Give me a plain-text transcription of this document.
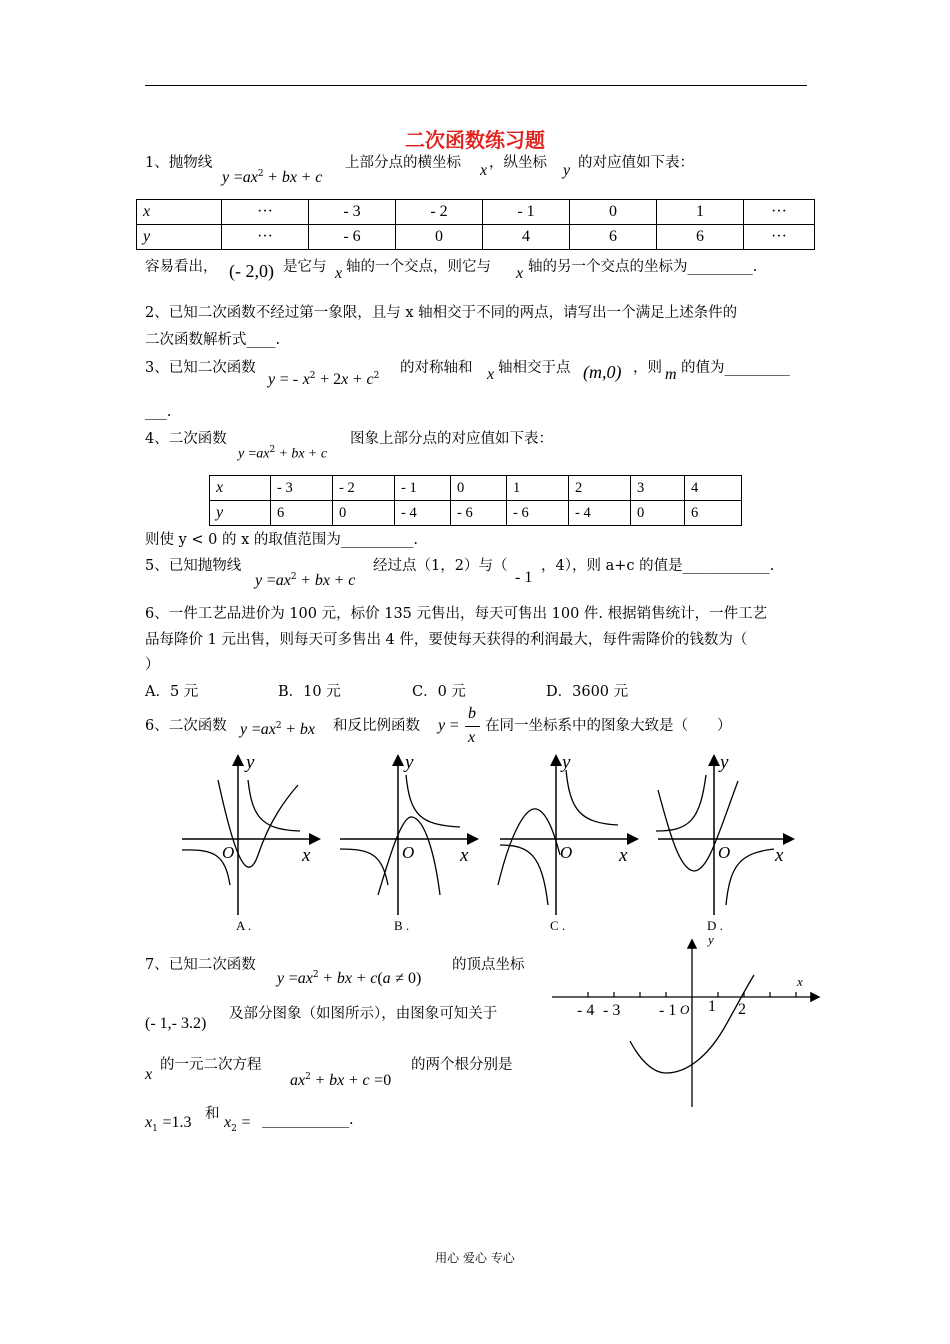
二次函数练习题
1、抛物线
$y =ax^2$ + bx + c
上部分点的横坐标 x ，纵坐标 y 的对应值如下表：
x	···	- 3	- 2	- 1	0	1	···
y	···	- 6	0	4	6	6	···
容易看出， (- 2,0) 是它与 x 轴的一个交点，则它与 x 轴的另一个交点的坐标为_________.
2、已知二次函数不经过第一象限，且与 x 轴相交于不同的两点，请写出一个满足上述条件的
二次函数解析式____.
3、已知二次函数
y = - $x^2 + 2x + c^2$ 的对称轴和 x 轴相交于点 (m,0) ，则 m 的值为_________
___.
4、二次函数
$y =ax^2$ + bx + c
图象上部分点的对应值如下表：
x	- 3	- 2	- 1	0	1	2	3	4
y	6	0	- 4	- 6	- 6	- 4	0	6
则使 y < 0 的 x 的取值范围为__________.
5、已知抛物线
$y =ax^2$ + bx + c
经过点（1，2）与（
- 1
，4），则 a+c 的值是____________.
6、一件工艺品进价为 100 元，标价 135 元售出，每天可售出 100 件. 根据销售统计，一件工艺
品每降价 1 元出售，则每天可多售出 4 件，要使每天获得的利润最大，每件需降价的钱数为（
）
A．5 元	B．10 元	C．0 元	D．3600 元
6、二次函数 $y =ax^2$ + bx 和反比例函数 y =
b
x
在同一坐标系中的图象大致是（　　）
y
O	x
y
O x
y
O x
y
O x
A .	B .	C .	D .
7、已知二次函数
$y =ax^2$ + bx + c(a ≠ 0)
的顶点坐标
(- 1,- 3.2)
及部分图象（如图所示），由图象可知关于
x
的一元二次方程
$ax^2$ + bx + c =0
的两个根分别是
$x_1 =1.3$ 和 $x_2$ = ____________.
y
x
O
- 4 - 3 - 1 1 2
用心 爱心 专心
